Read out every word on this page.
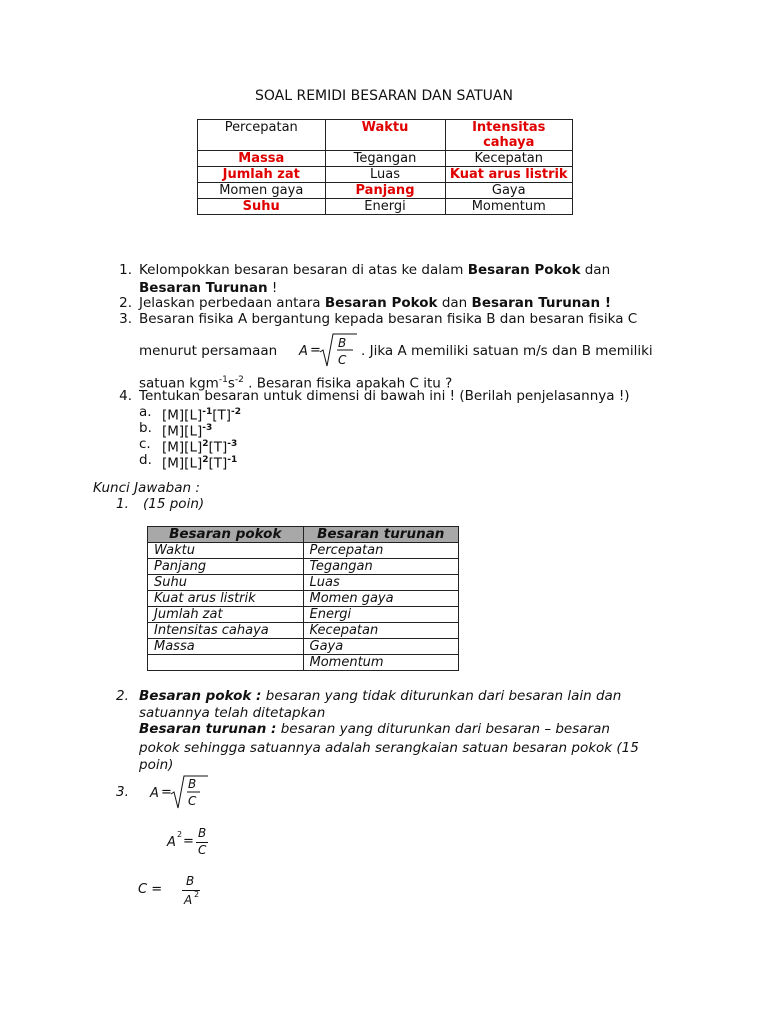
SOAL REMIDI BESARAN DAN SATUAN
Percepatan	Waktu	Intensitas cahaya
Massa	Tegangan	Kecepatan
Jumlah zat	Luas	Kuat arus listrik
Momen gaya	Panjang	Gaya
Suhu	Energi	Momentum
1. Kelompokkan besaran besaran di atas ke dalam Besaran Pokok dan
Besaran Turunan !
2. Jelaskan perbedaan antara Besaran Pokok dan Besaran Turunan !
3. Besaran fisika A bergantung kepada besaran fisika B dan besaran fisika C
menurut persamaan A = B
C
. Jika A memiliki satuan m/s dan B memiliki
satuan $kgm^{-1}s^{-2}$ . Besaran fisika apakah C itu ?
4. Tentukan besaran untuk dimensi di bawah ini ! (Berilah penjelasannya !)
a. $[M][L]^{-1}[T]^{-2}$
b. $[M][L]^{-3}$
c. $[M][L]^2[T]^{-3}$
d. $[M][L]^2[T]^{-1}$
Kunci Jawaban :
1. (15 poin)
Besaran pokok	Besaran turunan
Waktu	Percepatan
Panjang	Tegangan
Suhu	Luas
Kuat arus listrik	Momen gaya
Jumlah zat	Energi
Intensitas cahaya	Kecepatan
Massa	Gaya
	Momentum
2. Besaran pokok : besaran yang tidak diturunkan dari besaran lain dan
satuannya telah ditetapkan
Besaran turunan : besaran yang diturunkan dari besaran – besaran
pokok sehingga satuannya adalah serangkaian satuan besaran pokok (15
poin)
3. A =
B
C
A
2 =
B
C
C =
B
A 2
